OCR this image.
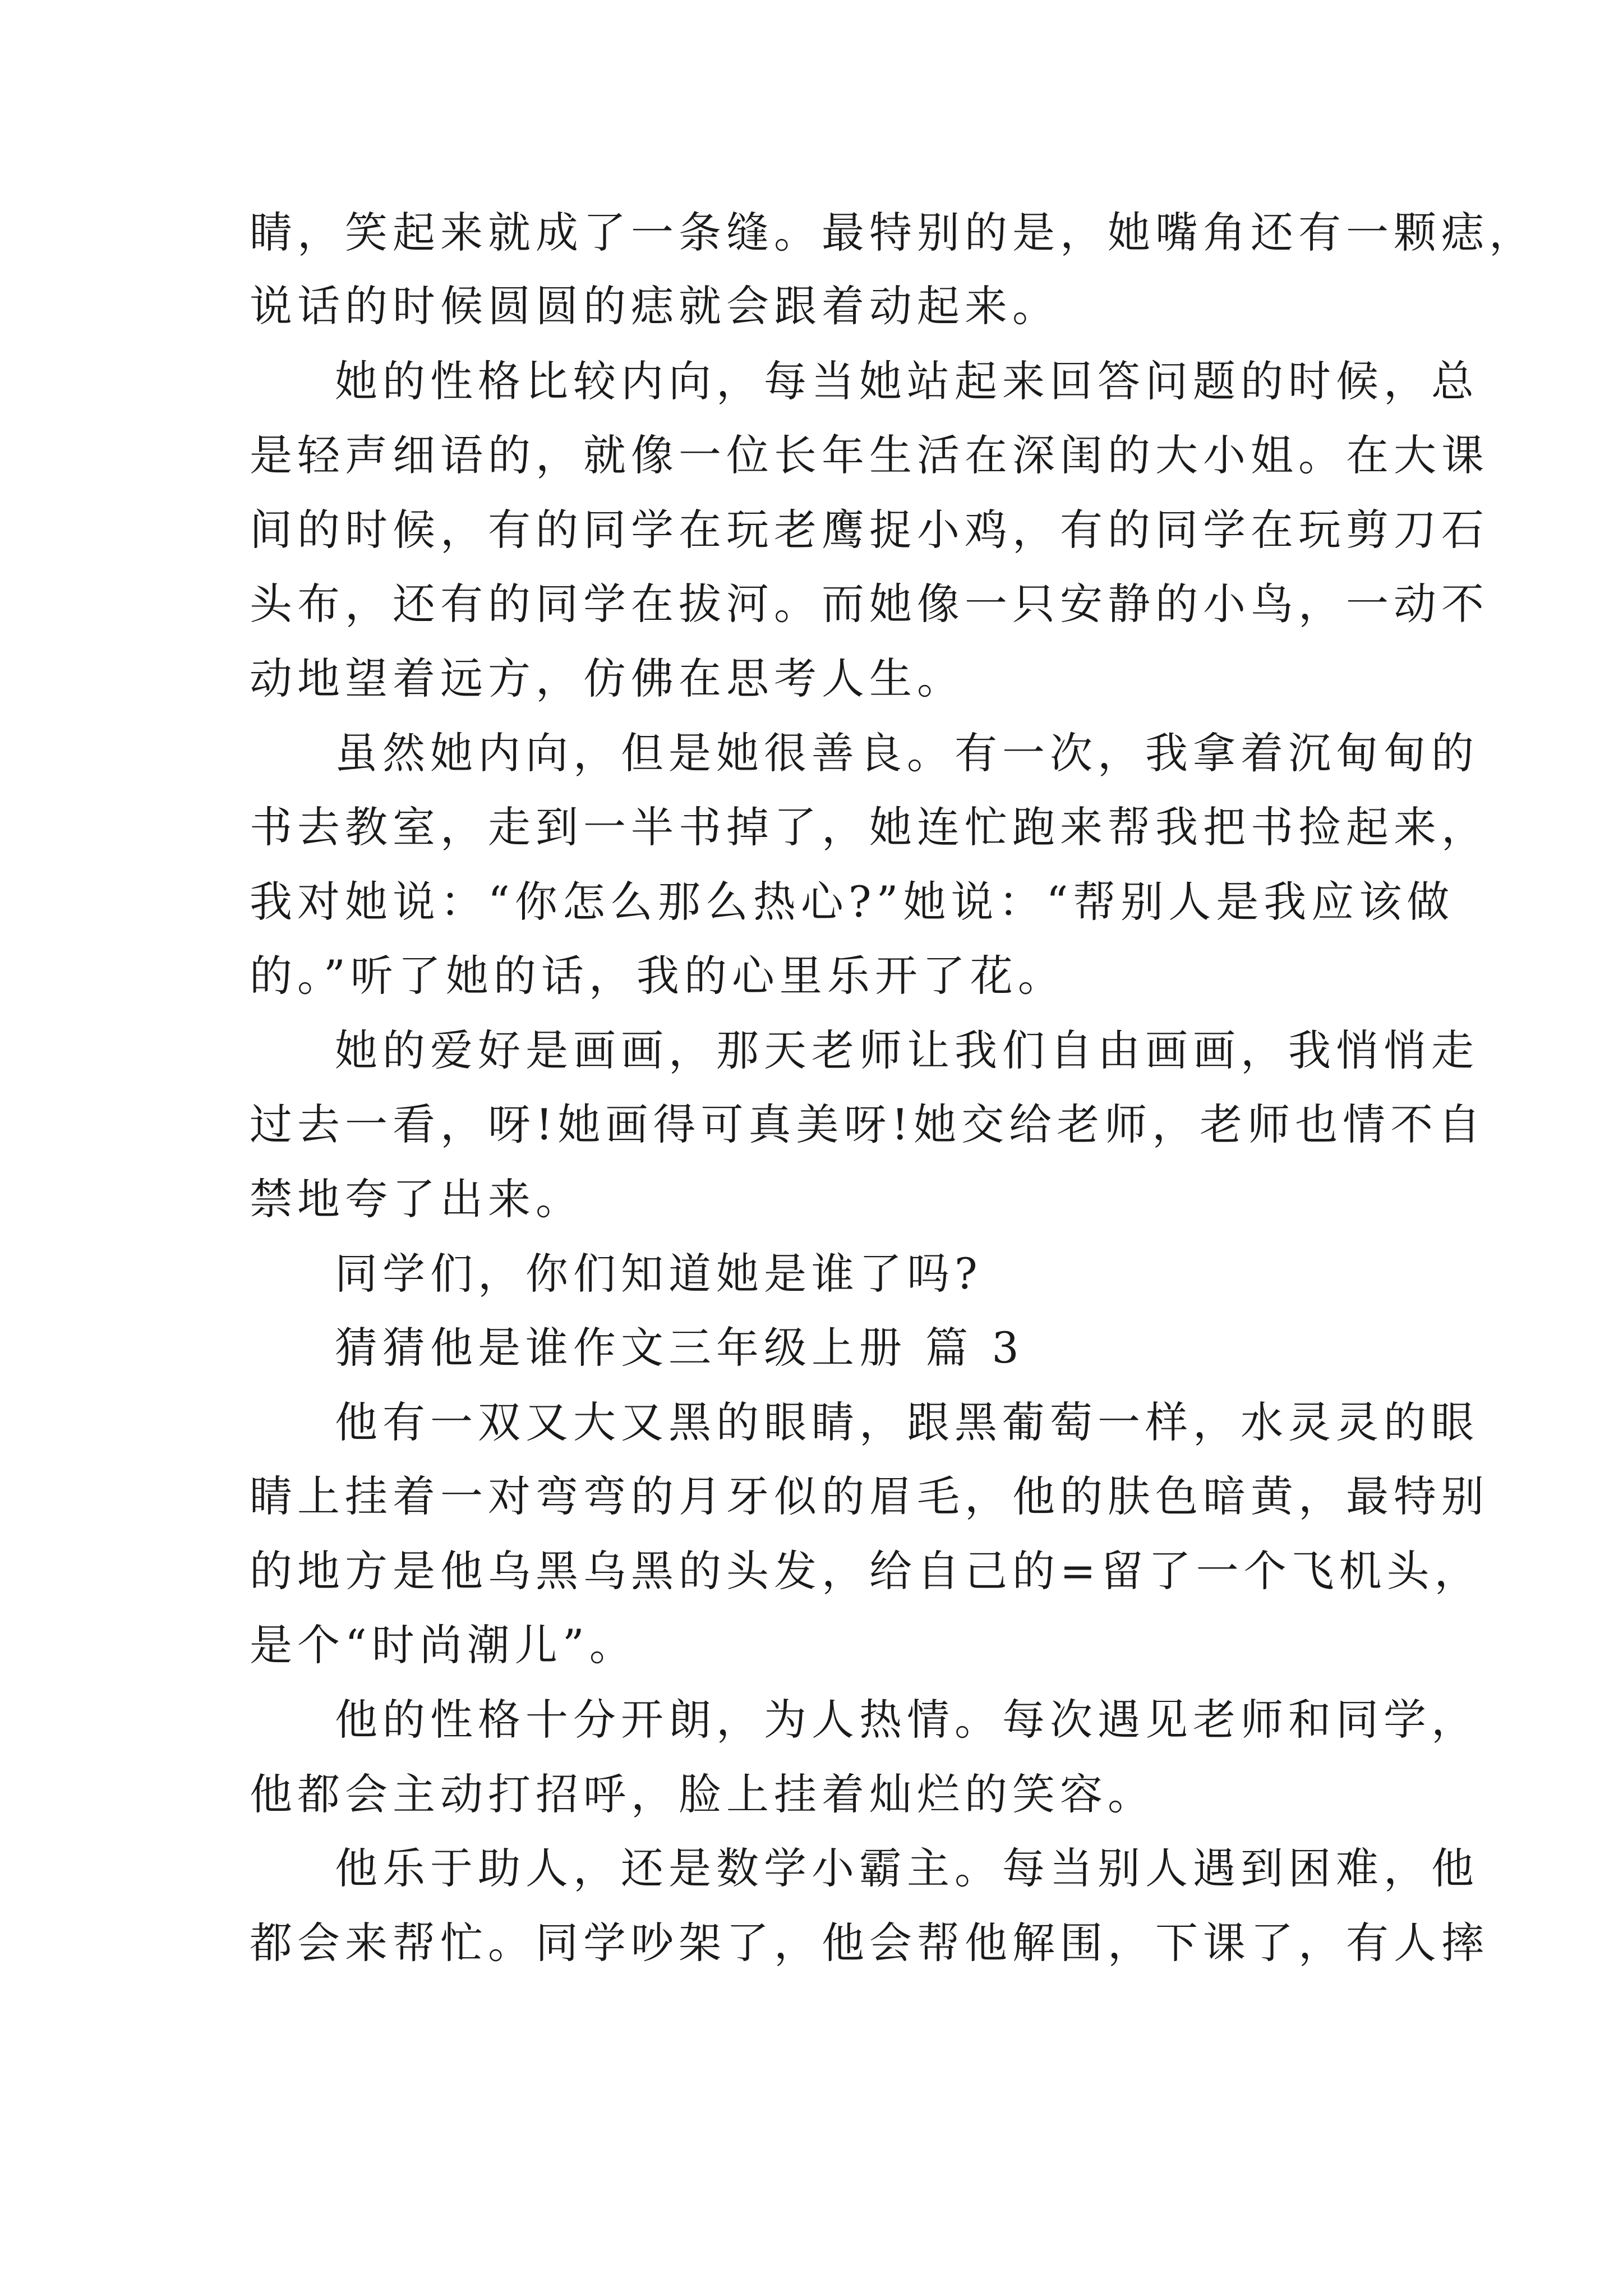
睛，笑起来就成了一条缝。最特别的是，她嘴角还有一颗痣，
说话的时候圆圆的痣就会跟着动起来。
她的性格比较内向，每当她站起来回答问题的时候，总
是轻声细语的，就像一位长年生活在深闺的大小姐。在大课
间的时候，有的同学在玩老鹰捉小鸡，有的同学在玩剪刀石
头布，还有的同学在拔河。而她像一只安静的小鸟，一动不
动地望着远方，仿佛在思考人生。
虽然她内向，但是她很善良。有一次，我拿着沉甸甸的
书去教室，走到一半书掉了，她连忙跑来帮我把书捡起来，
我对她说：“你怎么那么热心?”她说：“帮别人是我应该做
的。”听了她的话，我的心里乐开了花。
她的爱好是画画，那天老师让我们自由画画，我悄悄走
过去一看，呀!她画得可真美呀!她交给老师，老师也情不自
禁地夸了出来。
同学们，你们知道她是谁了吗?
猜猜他是谁作文三年级上册 篇 3
他有一双又大又黑的眼睛，跟黑葡萄一样，水灵灵的眼
睛上挂着一对弯弯的月牙似的眉毛，他的肤色暗黄，最特别
的地方是他乌黑乌黑的头发，给自己的=留了一个飞机头，
是个“时尚潮儿”。
他的性格十分开朗，为人热情。每次遇见老师和同学，
他都会主动打招呼，脸上挂着灿烂的笑容。
他乐于助人，还是数学小霸主。每当别人遇到困难，他
都会来帮忙。同学吵架了，他会帮他解围，下课了，有人摔
